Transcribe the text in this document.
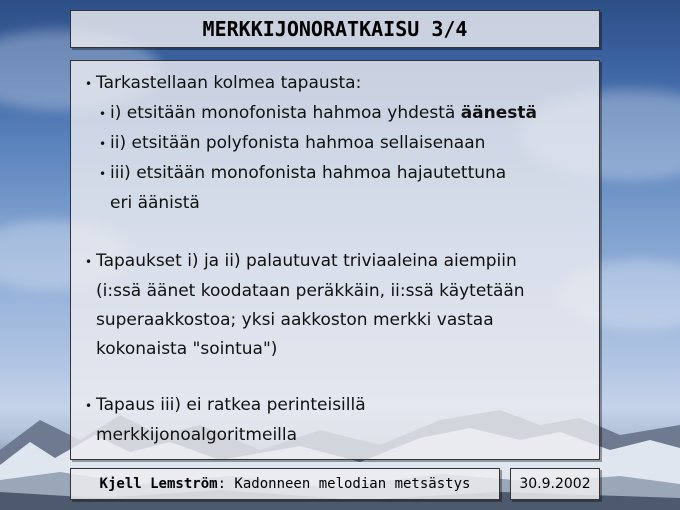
MERKKIJONORATKAISU 3/4
• Tarkastellaan kolmea tapausta:
• i) etsitään monofonista hahmoa yhdestä äänestä
• ii) etsitään polyfonista hahmoa sellaisenaan
• iii) etsitään monofonista hahmoa hajautettuna
eri äänistä
• Tapaukset i) ja ii) palautuvat triviaaleina aiempiin
(i:ssä äänet koodataan peräkkäin, ii:ssä käytetään
superaakkostoa; yksi aakkoston merkki vastaa
kokonaista "sointua")
• Tapaus iii) ei ratkea perinteisillä
merkkijonoalgoritmeilla
Kjell Lemström : Kadonneen melodian metsästys	30.9.2002
